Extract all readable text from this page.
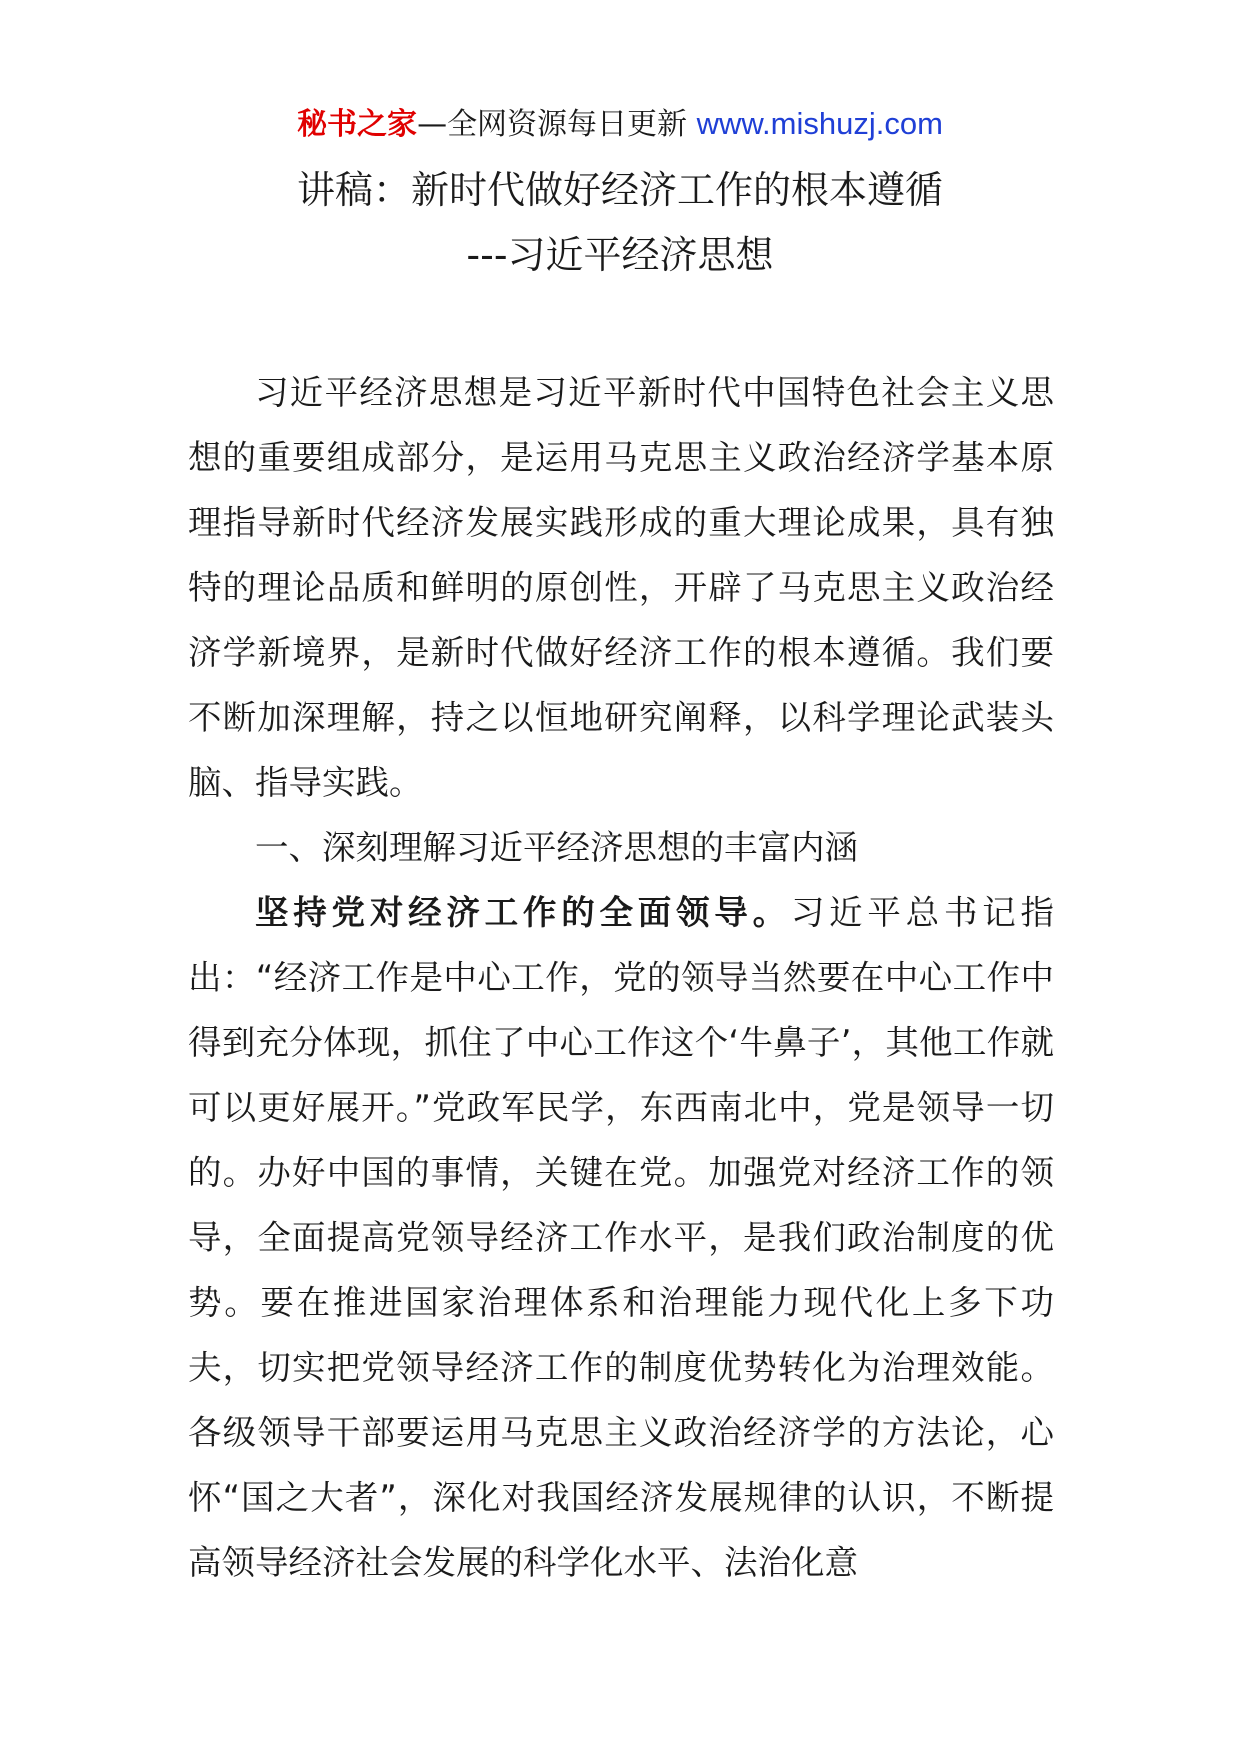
秘书之家—全网资源每日更新 www.mishuzj.com
讲稿：新时代做好经济工作的根本遵循
---习近平经济思想

习近平经济思想是习近平新时代中国特色社会主义思想的重要组成部分，是运用马克思主义政治经济学基本原理指导新时代经济发展实践形成的重大理论成果，具有独特的理论品质和鲜明的原创性，开辟了马克思主义政治经济学新境界，是新时代做好经济工作的根本遵循。我们要不断加深理解，持之以恒地研究阐释，以科学理论武装头脑、指导实践。

一、深刻理解习近平经济思想的丰富内涵

坚持党对经济工作的全面领导。习近平总书记指出：“经济工作是中心工作，党的领导当然要在中心工作中得到充分体现，抓住了中心工作这个‘牛鼻子’，其他工作就可以更好展开。”党政军民学，东西南北中，党是领导一切的。办好中国的事情，关键在党。加强党对经济工作的领导，全面提高党领导经济工作水平，是我们政治制度的优势。要在推进国家治理体系和治理能力现代化上多下功夫，切实把党领导经济工作的制度优势转化为治理效能。各级领导干部要运用马克思主义政治经济学的方法论，心怀“国之大者”，深化对我国经济发展规律的认识，不断提高领导经济社会发展的科学化水平、法治化意
